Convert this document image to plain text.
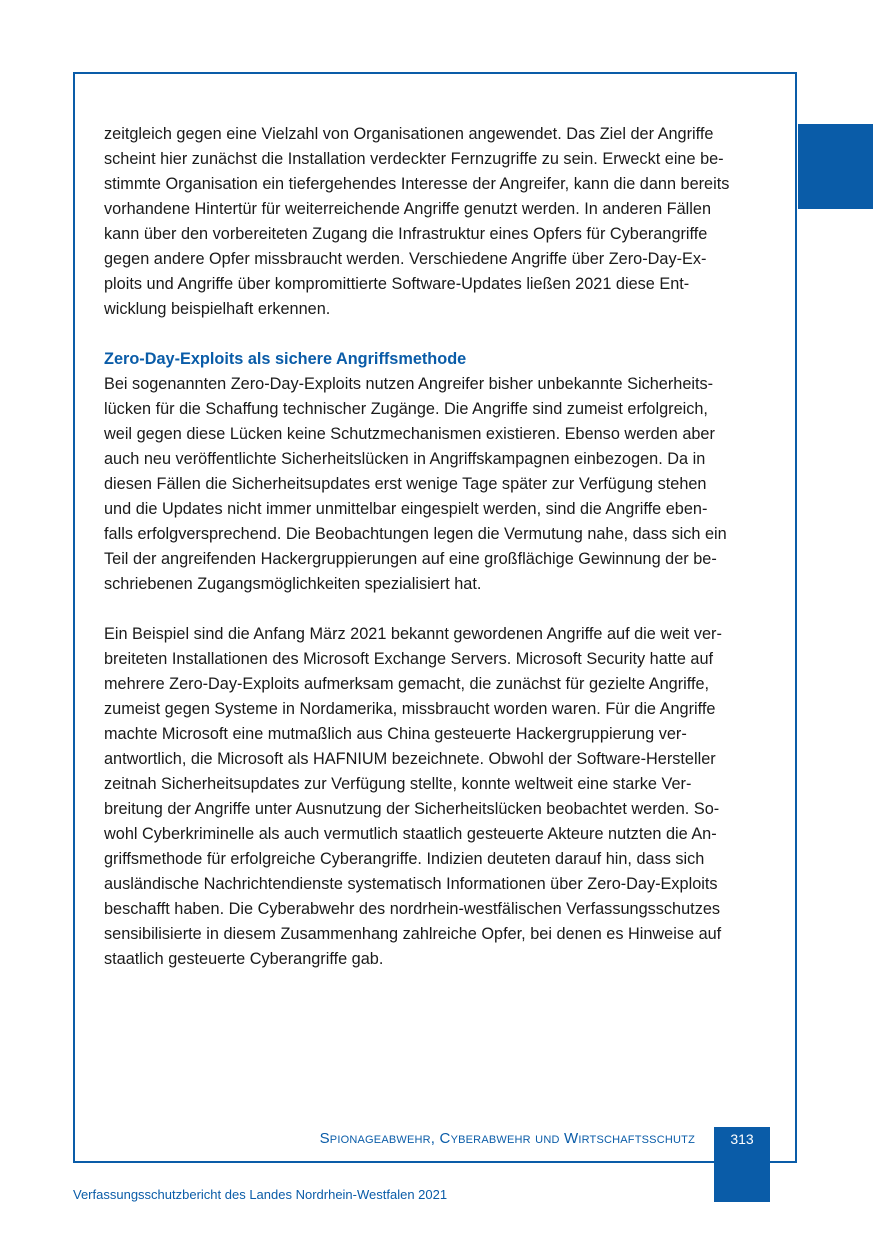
zeitgleich gegen eine Vielzahl von Organisationen angewendet. Das Ziel der Angriffe

scheint hier zunächst die Installation verdeckter Fernzugriffe zu sein. Erweckt eine be-

stimmte Organisation ein tiefergehendes Interesse der Angreifer, kann die dann bereits

vorhandene Hintertür für weiterreichende Angriffe genutzt werden. In anderen Fällen

kann über den vorbereiteten Zugang die Infrastruktur eines Opfers für Cyberangriffe

gegen andere Opfer missbraucht werden. Verschiedene Angriffe über Zero-Day-Ex-

ploits und Angriffe über kompromittierte Software-Updates ließen 2021 diese Ent-

wicklung beispielhaft erkennen.

Zero-Day-Exploits als sichere Angriffsmethode

Bei sogenannten Zero-Day-Exploits nutzen Angreifer bisher unbekannte Sicherheits-

lücken für die Schaffung technischer Zugänge. Die Angriffe sind zumeist erfolgreich,

weil gegen diese Lücken keine Schutzmechanismen existieren. Ebenso werden aber

auch neu veröffentlichte Sicherheitslücken in Angriffskampagnen einbezogen. Da in

diesen Fällen die Sicherheitsupdates erst wenige Tage später zur Verfügung stehen

und die Updates nicht immer unmittelbar eingespielt werden, sind die Angriffe eben-

falls erfolgversprechend. Die Beobachtungen legen die Vermutung nahe, dass sich ein

Teil der angreifenden Hackergruppierungen auf eine großflächige Gewinnung der be-

schriebenen Zugangsmöglichkeiten spezialisiert hat.

Ein Beispiel sind die Anfang März 2021 bekannt gewordenen Angriffe auf die weit ver-

breiteten Installationen des Microsoft Exchange Servers. Microsoft Security hatte auf

mehrere Zero-Day-Exploits aufmerksam gemacht, die zunächst für gezielte Angriffe,

zumeist gegen Systeme in Nordamerika, missbraucht worden waren. Für die Angriffe

machte Microsoft eine mutmaßlich aus China gesteuerte Hackergruppierung ver-

antwortlich, die Microsoft als HAFNIUM bezeichnete. Obwohl der Software-Hersteller

zeitnah Sicherheitsupdates zur Verfügung stellte, konnte weltweit eine starke Ver-

breitung der Angriffe unter Ausnutzung der Sicherheitslücken beobachtet werden. So-

wohl Cyberkriminelle als auch vermutlich staatlich gesteuerte Akteure nutzten die An-

griffsmethode für erfolgreiche Cyberangriffe. Indizien deuteten darauf hin, dass sich

ausländische Nachrichtendienste systematisch Informationen über Zero-Day-Exploits

beschafft haben. Die Cyberabwehr des nordrhein-westfälischen Verfassungsschutzes

sensibilisierte in diesem Zusammenhang zahlreiche Opfer, bei denen es Hinweise auf

staatlich gesteuerte Cyberangriffe gab.

Spionageabwehr, Cyberabwehr und Wirtschaftsschutz	313
Verfassungsschutzbericht des Landes Nordrhein-Westfalen 2021
